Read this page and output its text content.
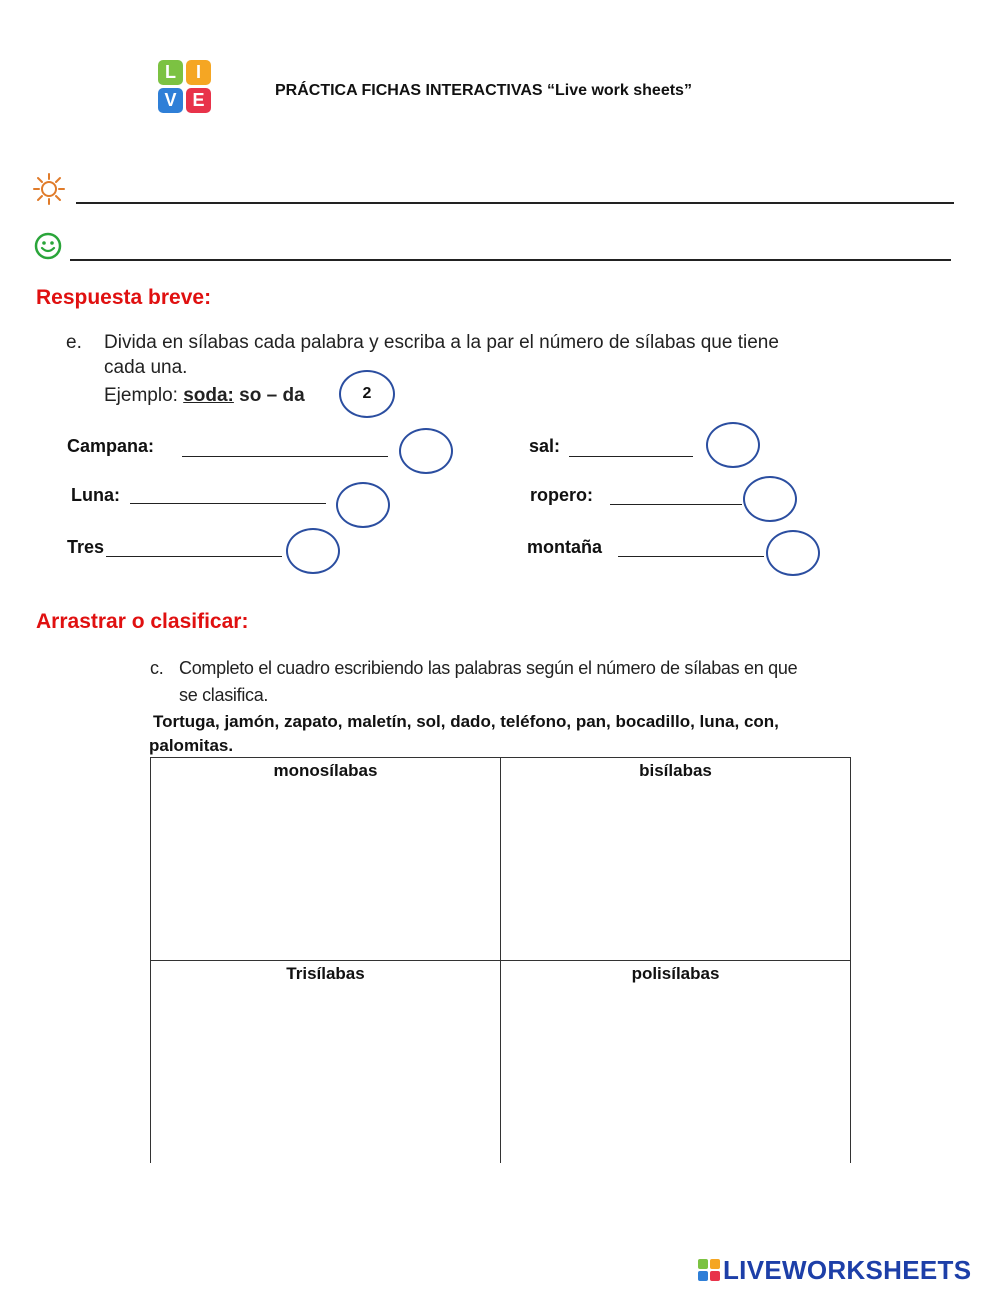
L	I
V E	PRÁCTICA FICHAS INTERACTIVAS “Live work sheets”
Respuesta breve:
e. Divida en sílabas cada palabra y escriba a la par el número de sílabas que tiene
cada una.
Ejemplo: soda: so – da	2
Campana:
Luna:
Tres
sal:
ropero:
montaña
Arrastrar o clasificar:
c. Completo el cuadro escribiendo las palabras según el número de sílabas en que
se clasifica.
Tortuga, jamón, zapato, maletín, sol, dado, teléfono, pan, bocadillo, luna, con,
palomitas.
monosílabas	bisílabas
Trisílabas	polisílabas
LIVEWORKSHEETS
